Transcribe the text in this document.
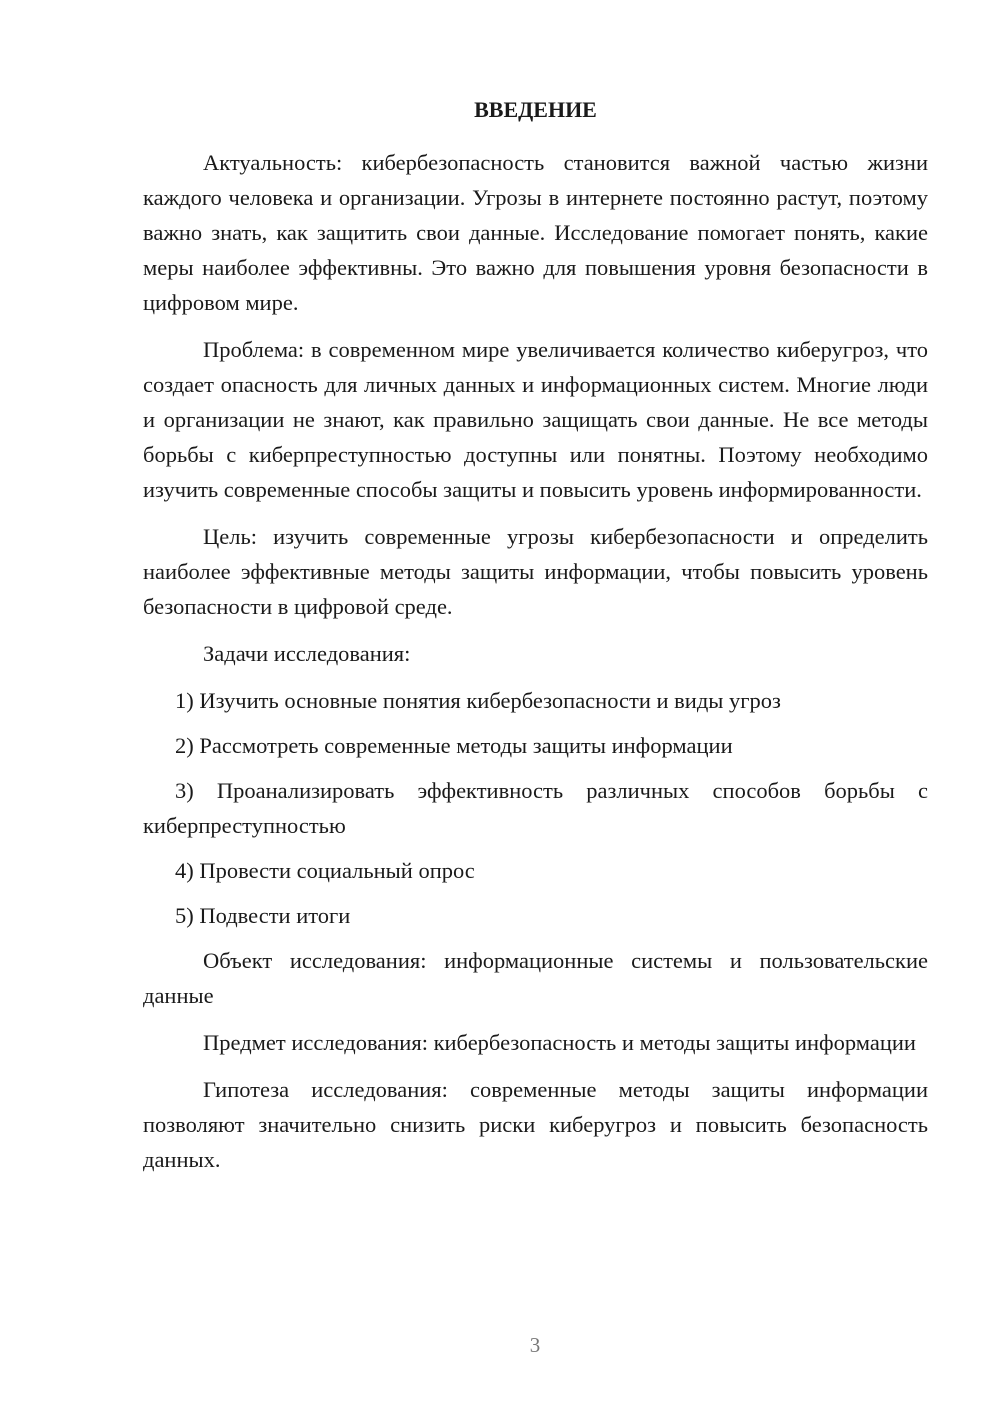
ВВЕДЕНИЕ

Актуальность: кибербезопасность становится важной частью жизни каждого человека и организации. Угрозы в интернете постоянно растут, поэтому важно знать, как защитить свои данные. Исследование помогает понять, какие меры наиболее эффективны. Это важно для повышения уровня безопасности в цифровом мире.

Проблема: в современном мире увеличивается количество киберугроз, что создает опасность для личных данных и информационных систем. Многие люди и организации не знают, как правильно защищать свои данные. Не все методы борьбы с киберпреступностью доступны или понятны. Поэтому необходимо изучить современные способы защиты и повысить уровень информированности.

Цель: изучить современные угрозы кибербезопасности и определить наиболее эффективные методы защиты информации, чтобы повысить уровень безопасности в цифровой среде.

Задачи исследования:

1) Изучить основные понятия кибербезопасности и виды угроз

2) Рассмотреть современные методы защиты информации

3) Проанализировать эффективность различных способов борьбы с киберпреступностью

4) Провести социальный опрос

5) Подвести итоги

Объект исследования: информационные системы и пользовательские данные

Предмет исследования: кибербезопасность и методы защиты информации

Гипотеза исследования: современные методы защиты информации позволяют значительно снизить риски киберугроз и повысить безопасность данных.

3
